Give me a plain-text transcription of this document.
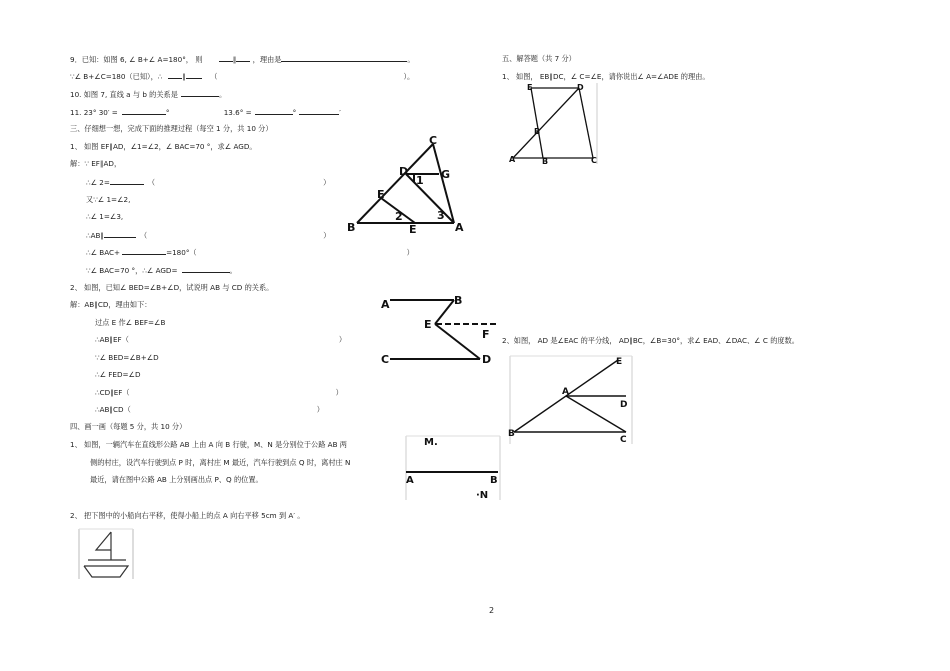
9．已知：如图 6, ∠ B+∠ A=180°， 则	∥ ，理由是	。
∵∠ B+∠C=180（已知），∴	∥	（	）。
10. 如图 7, 直线 a 与 b 的关系是	。
11. 23° 30′ =	°	13.6° =	°	′
三、仔细想一想，完成下面的推理过程（每空 1 分，共 10 分）
1、 如图 EF∥AD，∠1=∠2，∠ BAC=70 °，求∠ AGD。
解：∵ EF∥AD，
∴∠ 2=	（	）
又∵∠ 1=∠2,
∴∠ 1=∠3,
∴AB∥	（	）
∴∠ BAC+	=180°（	）
∵∠ BAC=70 °，∴∠ AGD=	。
2、 如图，已知∠ BED=∠B+∠D，试说明 AB 与 CD 的关系。
解：AB∥CD，理由如下：
过点 E 作∠ BEF=∠B
∴AB∥EF（	）
∵∠ BED=∠B+∠D
∴∠ FED=∠D
∴CD∥EF（	）
∴AB∥CD（	）
四、画一画（每题 5 分，共 10 分）
1、 如图，一辆汽车在直线形公路 AB 上由 A 向 B 行驶，M、N 是分别位于公路 AB 两
侧的村庄，设汽车行驶到点 P 时，离村庄 M 最近，汽车行驶到点 Q 时，离村庄 N
最近，请在图中公路 AB 上分别画出点 P、Q 的位置。
2、 把下图中的小船向右平移，使得小船上的点 A 向右平移 5cm 到 A′ 。
五、解答题（共 7 分）
1、 如图， EB∥DC，∠ C=∠E，请你说出∠ A=∠ADE 的理由。
2、如图， AD 是∠EAC 的平分线， AD∥BC，∠B=30°，求∠ EAD、∠DAC、∠ C 的度数。
C
D	G
1
E
2	3
B	E	A
A	B
E
F
C	D
M.
A	B
·N
E	D
B
A	B	C
E
A
D
B
C
2
